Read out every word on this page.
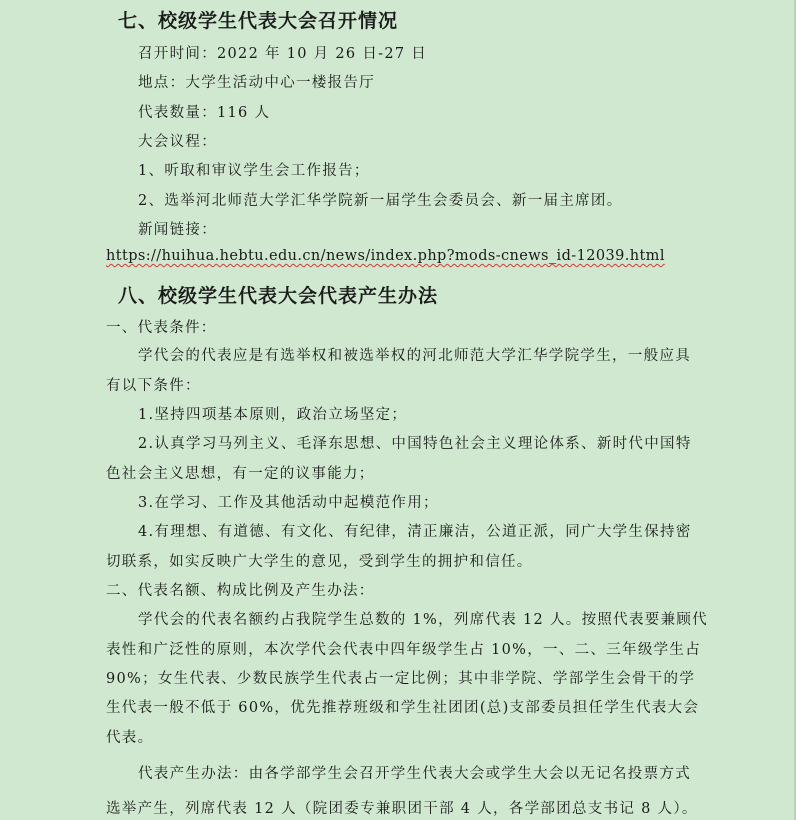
七、校级学生代表大会召开情况
召开时间：2022 年 10 月 26 日-27 日
地点：大学生活动中心一楼报告厅
代表数量：116 人
大会议程：
1、听取和审议学生会工作报告；
2、选举河北师范大学汇华学院新一届学生会委员会、新一届主席团。
新闻链接：
https://huihua.hebtu.edu.cn/news/index.php?mods-cnews_id-12039.html
八、校级学生代表大会代表产生办法
一、代表条件：
学代会的代表应是有选举权和被选举权的河北师范大学汇华学院学生，一般应具
有以下条件：
1.坚持四项基本原则，政治立场坚定；
2.认真学习马列主义、毛泽东思想、中国特色社会主义理论体系、新时代中国特
色社会主义思想，有一定的议事能力；
3.在学习、工作及其他活动中起模范作用；
4.有理想、有道德、有文化、有纪律，清正廉洁，公道正派，同广大学生保持密
切联系，如实反映广大学生的意见，受到学生的拥护和信任。
二、代表名额、构成比例及产生办法：
学代会的代表名额约占我院学生总数的 1%，列席代表 12 人。按照代表要兼顾代
表性和广泛性的原则，本次学代会代表中四年级学生占 10%，一、二、三年级学生占
90%；女生代表、少数民族学生代表占一定比例；其中非学院、学部学生会骨干的学
生代表一般不低于 60%，优先推荐班级和学生社团团(总)支部委员担任学生代表大会
代表。
代表产生办法：由各学部学生会召开学生代表大会或学生大会以无记名投票方式
选举产生，列席代表 12 人（院团委专兼职团干部 4 人，各学部团总支书记 8 人）。
